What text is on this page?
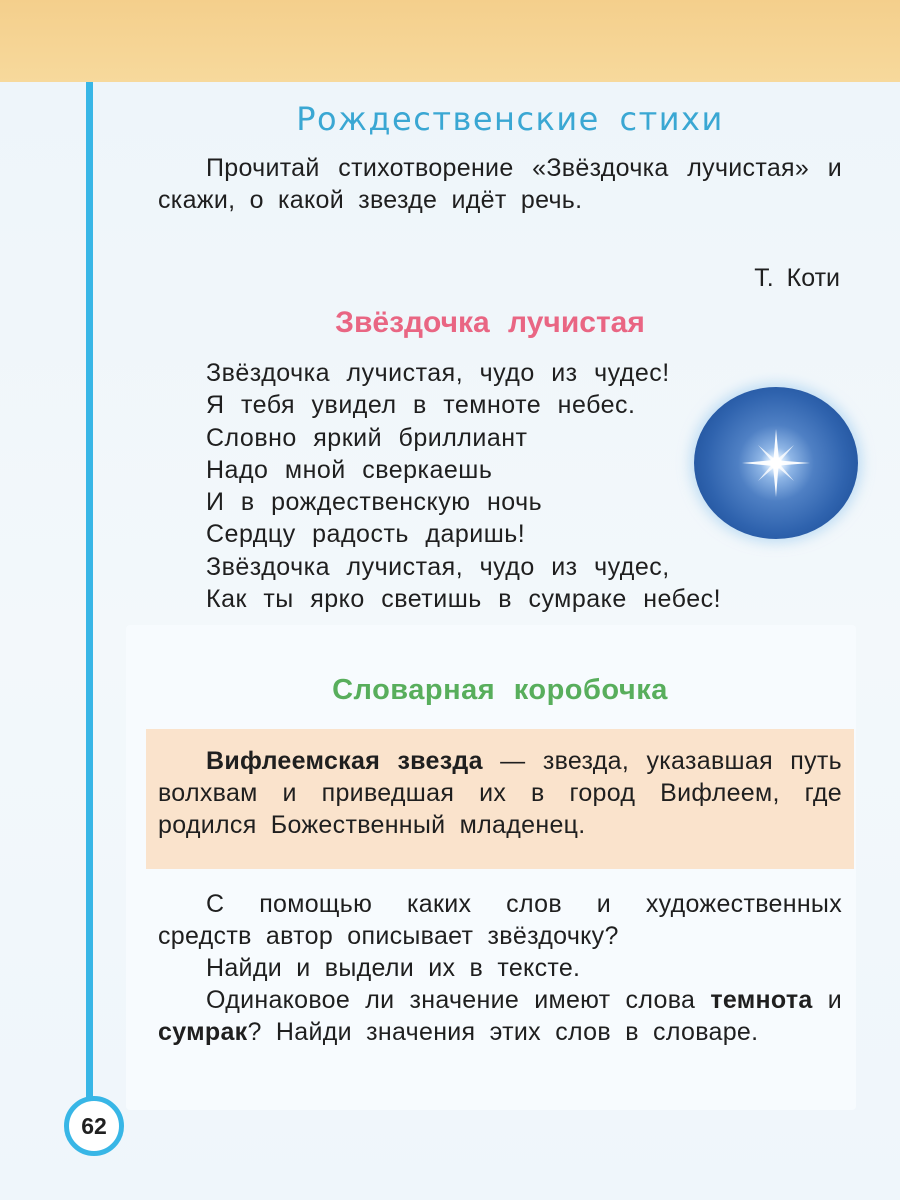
Рождественские стихи

Прочитай стихотворение «Звёздочка лучистая» и скажи, о какой звезде идёт речь.

Т. Коти
Звёздочка лучистая
Звёздочка лучистая, чудо из чудес!
Я тебя увидел в темноте небес.
Словно яркий бриллиант
Надо мной сверкаешь
И в рождественскую ночь
Сердцу радость даришь!
Звёздочка лучистая, чудо из чудес,
Как ты ярко светишь в сумраке небес!
Словарная коробочка

Вифлеемская звезда — звезда, указавшая путь волхвам и приведшая их в город Вифлеем, где родился Божественный младенец.

С помощью каких слов и художественных средств автор описывает звёздочку?

Найди и выдели их в тексте.

Одинаковое ли значение имеют слова темнота и сумрак? Найди значения этих слов в словаре.

62
